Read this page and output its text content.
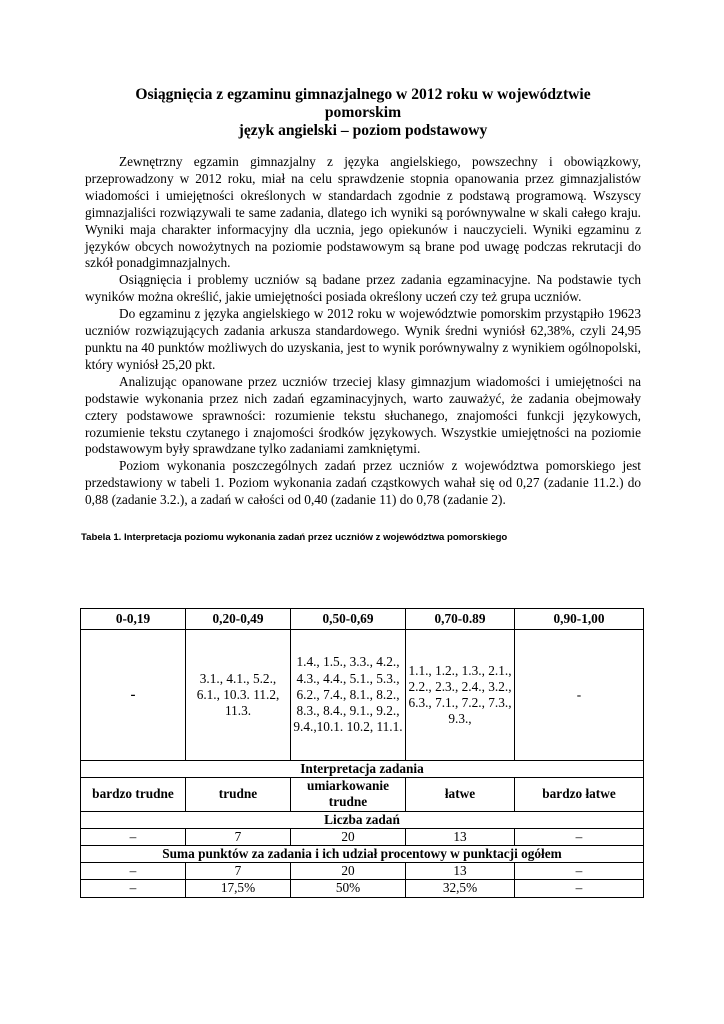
Osiągnięcia z egzaminu gimnazjalnego w 2012 roku w województwie
pomorskim
język angielski – poziom podstawowy

Zewnętrzny egzamin gimnazjalny z języka angielskiego, powszechny i obowiązkowy, przeprowadzony w 2012 roku, miał na celu sprawdzenie stopnia opanowania przez gimnazjalistów wiadomości i umiejętności określonych w standardach zgodnie z podstawą programową. Wszyscy gimnazjaliści rozwiązywali te same zadania, dlatego ich wyniki są porównywalne w skali całego kraju. Wyniki maja charakter informacyjny dla ucznia, jego opiekunów i nauczycieli. Wyniki egzaminu z języków obcych nowożytnych na poziomie podstawowym są brane pod uwagę podczas rekrutacji do szkół ponadgimnazjalnych.

Osiągnięcia i problemy uczniów są badane przez zadania egzaminacyjne. Na podstawie tych wyników można określić, jakie umiejętności posiada określony uczeń czy też grupa uczniów.

Do egzaminu z języka angielskiego w 2012 roku w województwie pomorskim przystąpiło 19623 uczniów rozwiązujących zadania arkusza standardowego. Wynik średni wyniósł 62,38%, czyli 24,95 punktu na 40 punktów możliwych do uzyskania, jest to wynik porównywalny z wynikiem ogólnopolski, który wyniósł 25,20 pkt.

Analizując opanowane przez uczniów trzeciej klasy gimnazjum wiadomości i umiejętności na podstawie wykonania przez nich zadań egzaminacyjnych, warto zauważyć, że zadania obejmowały cztery podstawowe sprawności: rozumienie tekstu słuchanego, znajomości funkcji językowych, rozumienie tekstu czytanego i znajomości środków językowych. Wszystkie umiejętności na poziomie podstawowym były sprawdzane tylko zadaniami zamkniętymi.

Poziom wykonania poszczególnych zadań przez uczniów z województwa pomorskiego jest przedstawiony w tabeli 1. Poziom wykonania zadań cząstkowych wahał się od 0,27 (zadanie 11.2.) do 0,88 (zadanie 3.2.), a zadań w całości od 0,40 (zadanie 11) do 0,78 (zadanie 2).

Tabela 1. Interpretacja poziomu wykonania zadań przez uczniów z województwa pomorskiego
0-0,19	0,20-0,49	0,50-0,69	0,70-0.89	0,90-1,00
-	3.1., 4.1., 5.2., 6.1., 10.3. 11.2, 11.3.	1.4., 1.5., 3.3., 4.2., 4.3., 4.4., 5.1., 5.3., 6.2., 7.4., 8.1., 8.2., 8.3., 8.4., 9.1., 9.2., 9.4.,10.1. 10.2, 11.1.	1.1., 1.2., 1.3., 2.1., 2.2., 2.3., 2.4., 3.2., 6.3., 7.1., 7.2., 7.3., 9.3.,	-
Interpretacja zadania				
bardzo trudne	trudne	umiarkowanie trudne	łatwe	bardzo łatwe
Liczba zadań				
–	7	20	13	–
Suma punktów za zadania i ich udział procentowy w punktacji ogółem				
–	7	20	13	–
–	17,5%	50%	32,5%	–
